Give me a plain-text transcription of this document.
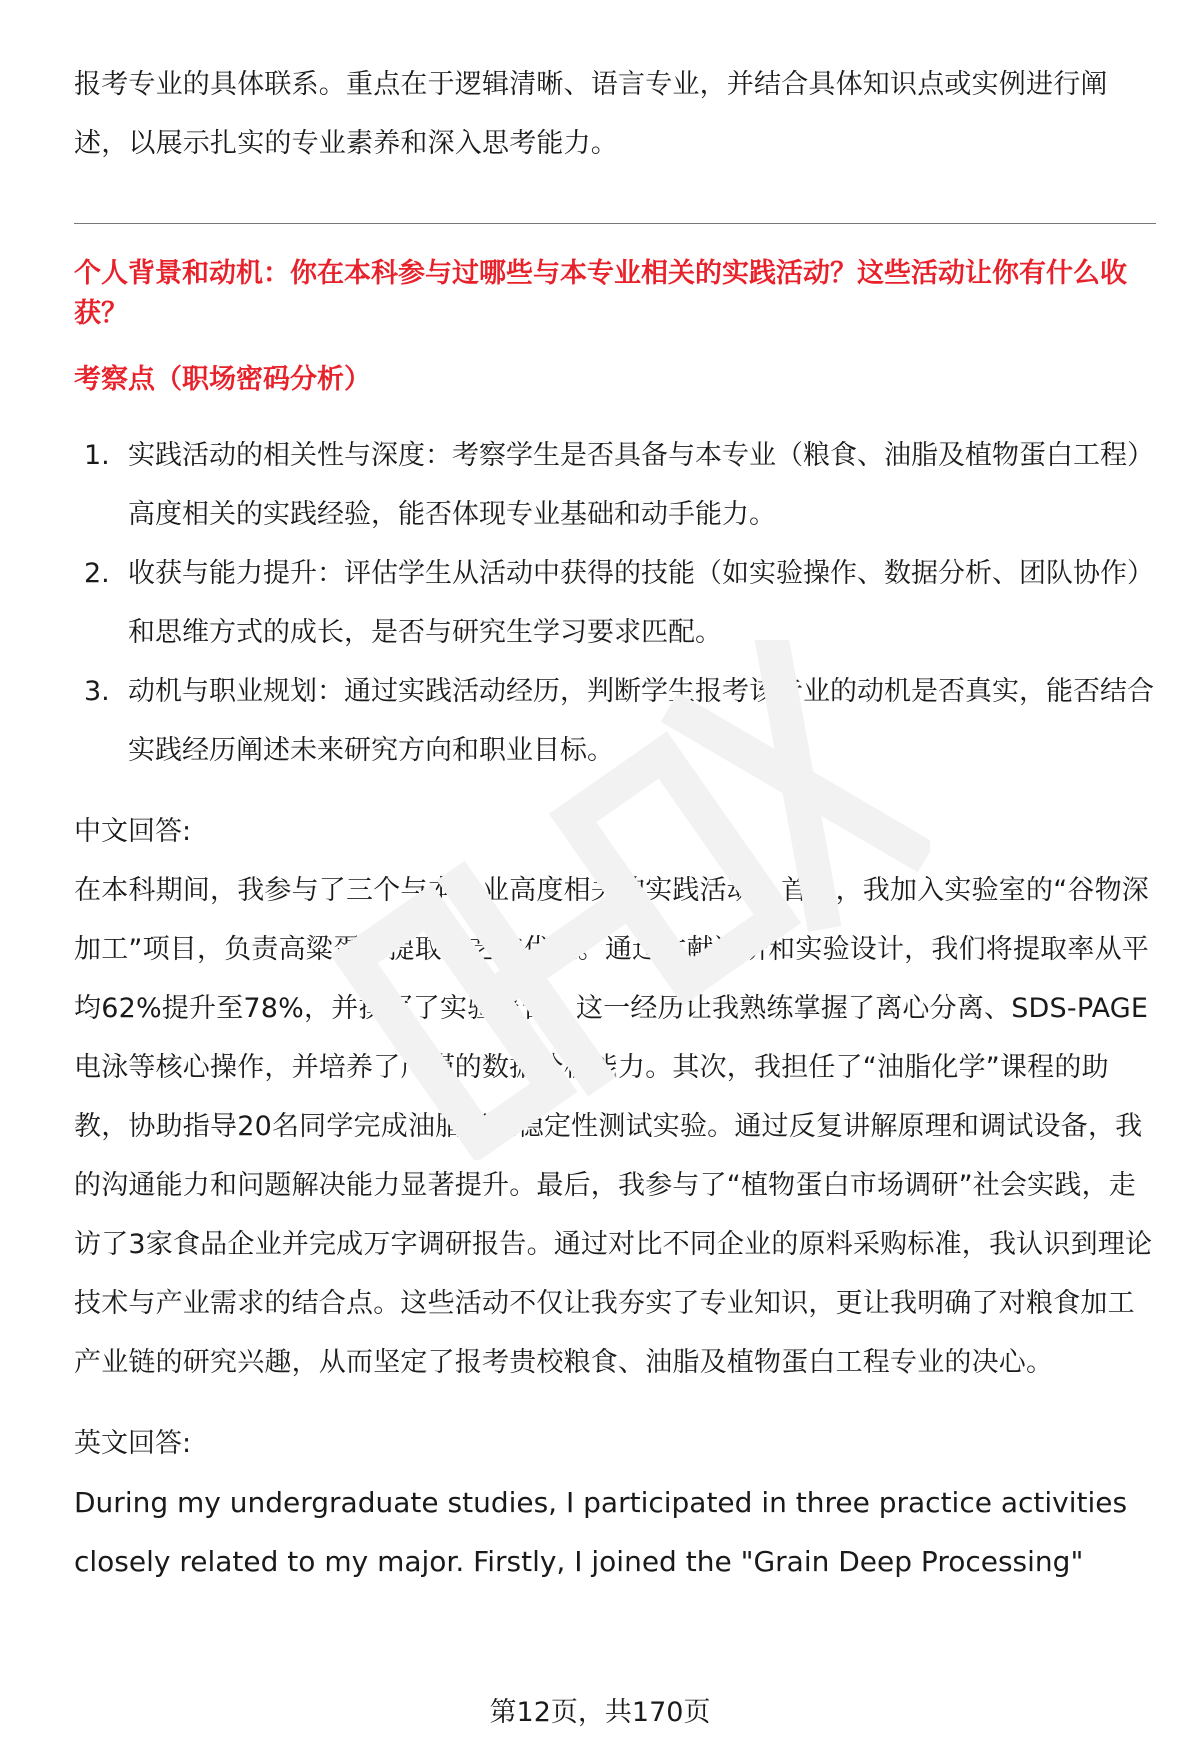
报考专业的具体联系。重点在于逻辑清晰、语言专业，并结合具体知识点或实例进行阐述，以展示扎实的专业素养和深入思考能力。

个人背景和动机：你在本科参与过哪些与本专业相关的实践活动？这些活动让你有什么收获？

考察点（职场密码分析）

1. 实践活动的相关性与深度：考察学生是否具备与本专业（粮食、油脂及植物蛋白工程）高度相关的实践经验，能否体现专业基础和动手能力。
2. 收获与能力提升：评估学生从活动中获得的技能（如实验操作、数据分析、团队协作）和思维方式的成长，是否与研究生学习要求匹配。
3. 动机与职业规划：通过实践活动经历，判断学生报考该专业的动机是否真实，能否结合实践经历阐述未来研究方向和职业目标。

中文回答:

在本科期间，我参与了三个与本专业高度相关的实践活动。首先，我加入实验室的“谷物深加工”项目，负责高粱蛋白提取工艺的优化。通过文献调研和实验设计，我们将提取率从平均62%提升至78%，并撰写了实验报告。这一经历让我熟练掌握了离心分离、SDS-PAGE电泳等核心操作，并培养了严谨的数据分析能力。其次，我担任了“油脂化学”课程的助教，协助指导20名同学完成油脂氧化稳定性测试实验。通过反复讲解原理和调试设备，我的沟通能力和问题解决能力显著提升。最后，我参与了“植物蛋白市场调研”社会实践，走访了3家食品企业并完成万字调研报告。通过对比不同企业的原料采购标准，我认识到理论技术与产业需求的结合点。这些活动不仅让我夯实了专业知识，更让我明确了对粮食加工产业链的研究兴趣，从而坚定了报考贵校粮食、油脂及植物蛋白工程专业的决心。

英文回答:

During my undergraduate studies, I participated in three practice activities closely related to my major. Firstly, I joined the "Grain Deep Processing"

第12页，共170页
